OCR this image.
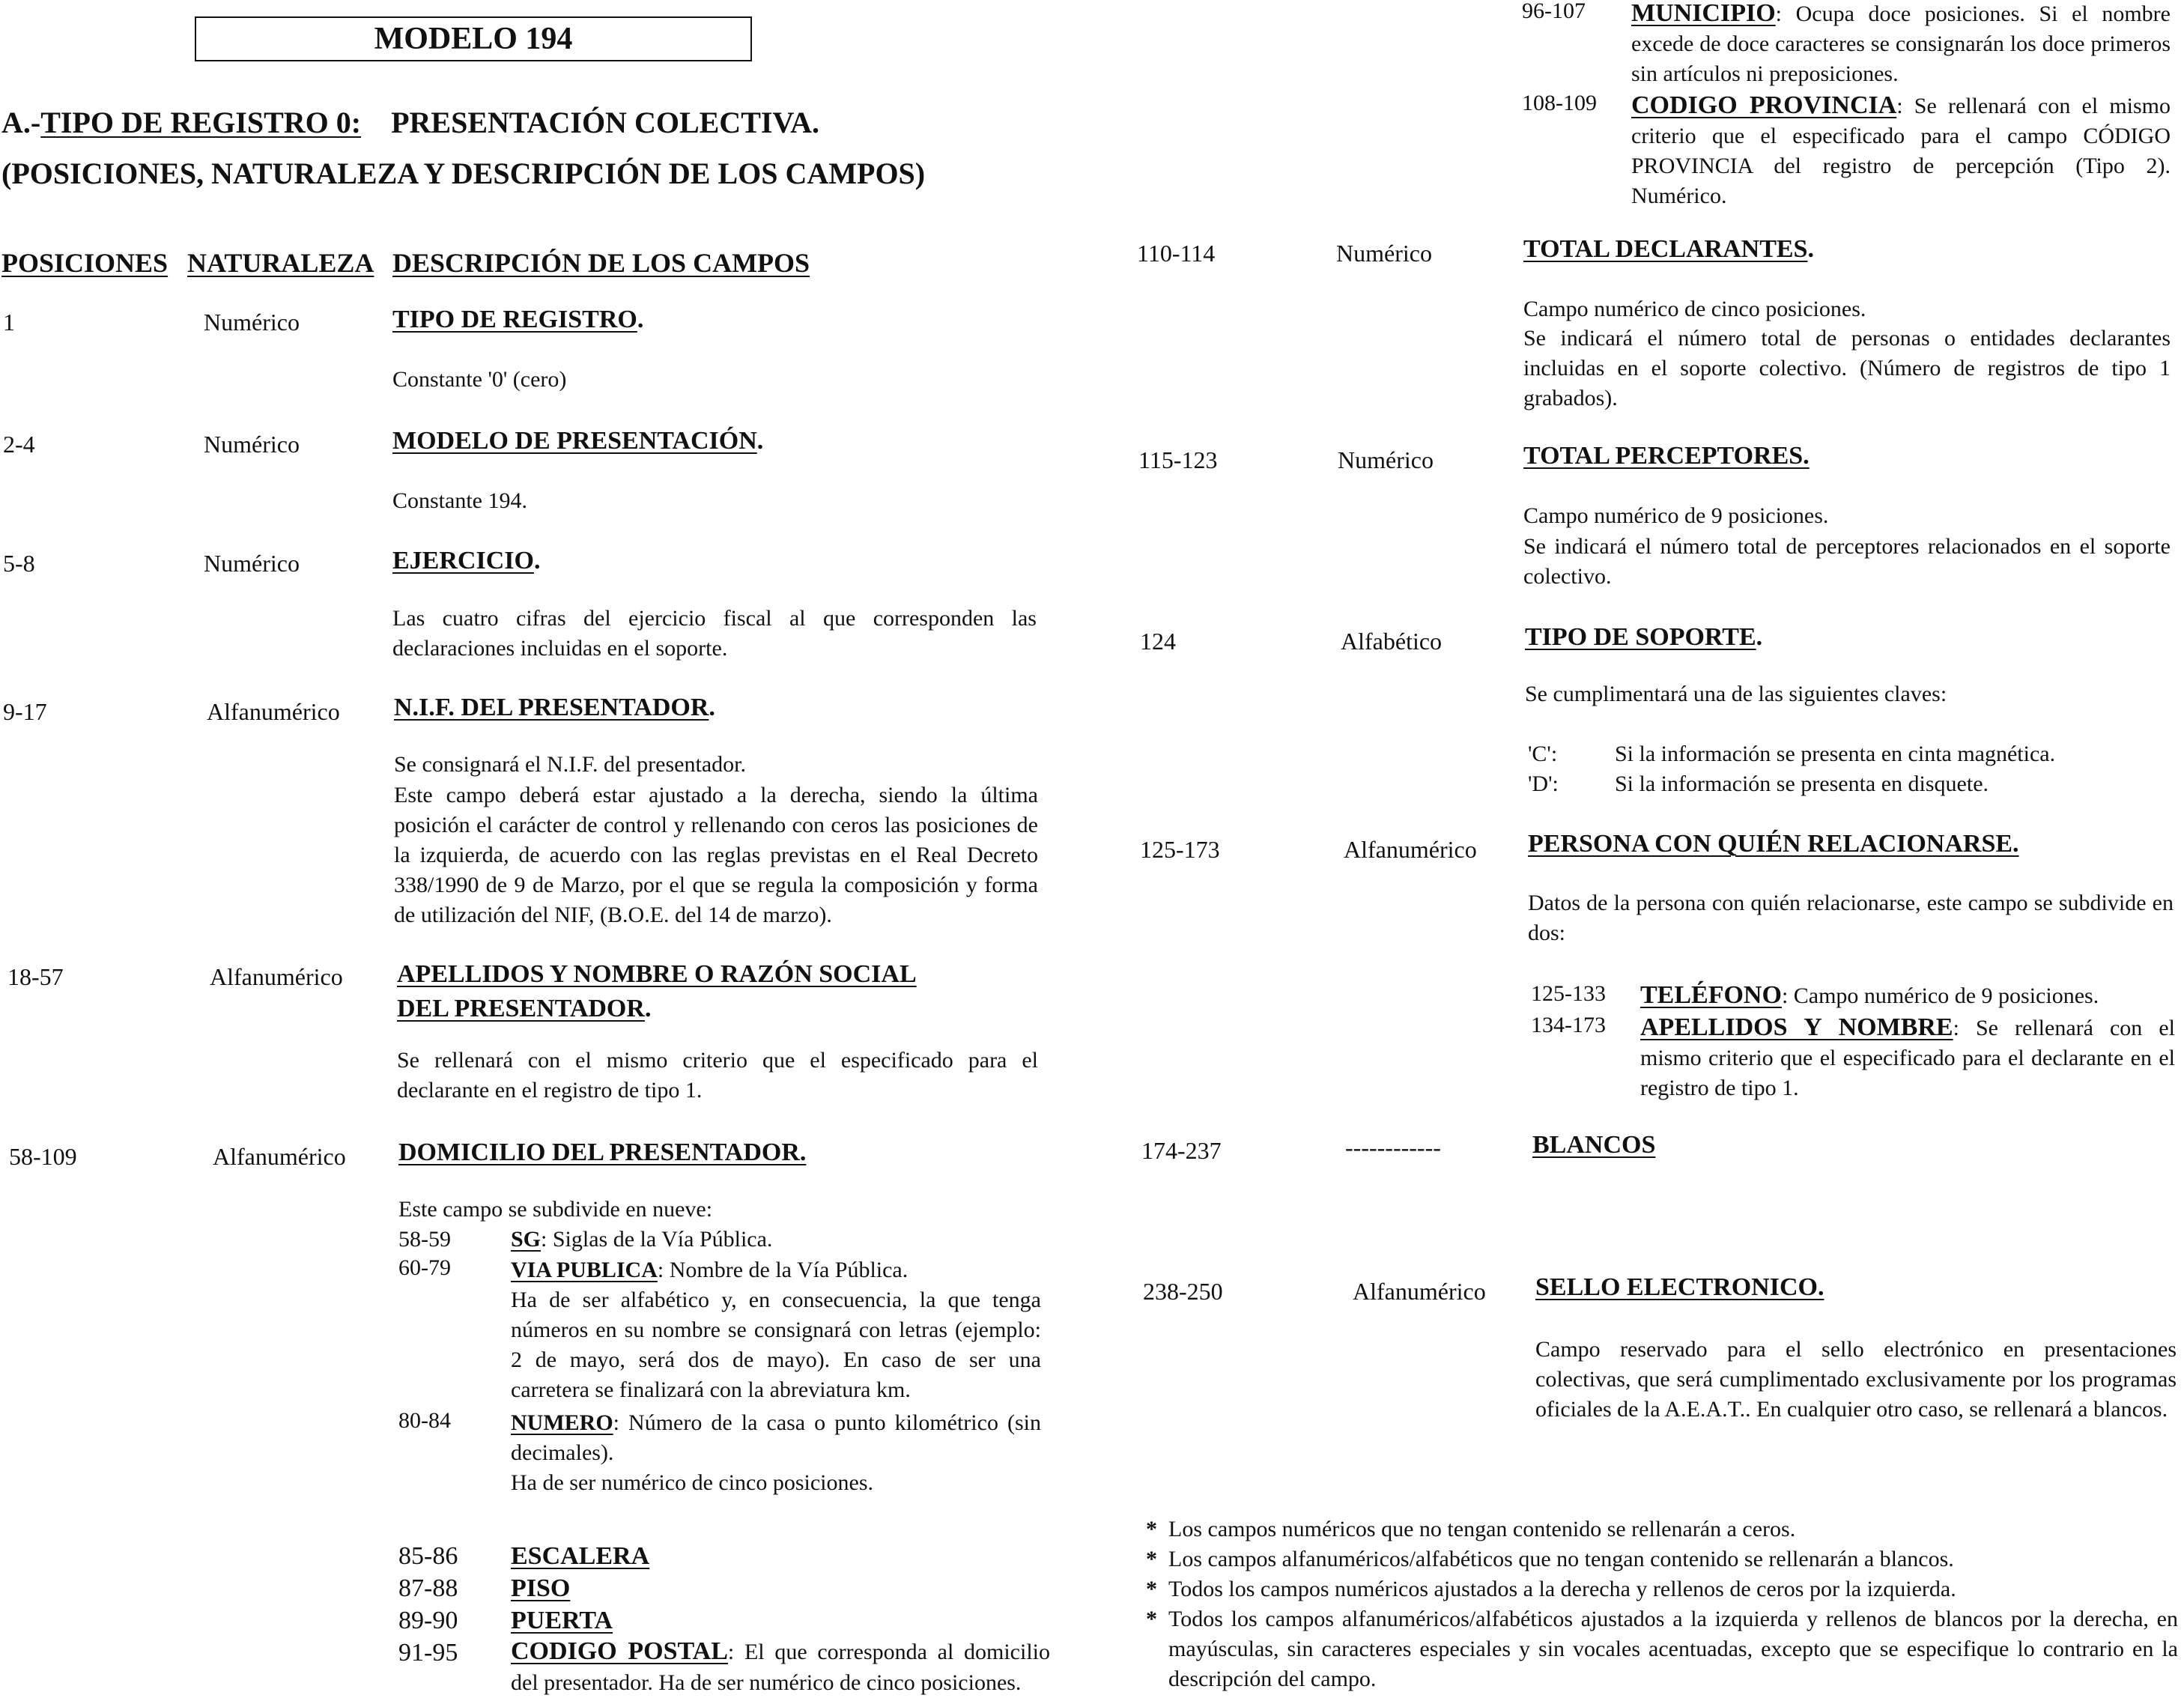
MODELO 194
A.-TIPO DE REGISTRO 0: PRESENTACIÓN COLECTIVA.
(POSICIONES, NATURALEZA Y DESCRIPCIÓN DE LOS CAMPOS)
POSICIONES NATURALEZA DESCRIPCIÓN DE LOS CAMPOS
1	Numérico	TIPO DE REGISTRO.
Constante '0' (cero)
2-4	Numérico	MODELO DE PRESENTACIÓN.
Constante 194.
5-8	Numérico	EJERCICIO.
Las cuatro cifras del ejercicio fiscal al que corresponden las declaraciones incluidas en el soporte.
9-17	Alfanumérico N.I.F. DEL PRESENTADOR.
Se consignará el N.I.F. del presentador.
Este campo deberá estar ajustado a la derecha, siendo la última posición el carácter de control y rellenando con ceros las posiciones de la izquierda, de acuerdo con las reglas previstas en el Real Decreto 338/1990 de 9 de Marzo, por el que se regula la composición y forma de utilización del NIF, (B.O.E. del 14 de marzo).
18-57	Alfanumérico APELLIDOS Y NOMBRE O RAZÓN SOCIAL
DEL PRESENTADOR.
Se rellenará con el mismo criterio que el especificado para el declarante en el registro de tipo 1.
58-109	Alfanumérico DOMICILIO DEL PRESENTADOR.
Este campo se subdivide en nueve:
58-59	SG: Siglas de la Vía Pública.
60-79	VIA PUBLICA: Nombre de la Vía Pública.
Ha de ser alfabético y, en consecuencia, la que tenga números en su nombre se consignará con letras (ejemplo: 2 de mayo, será dos de mayo). En caso de ser una carretera se finalizará con la abreviatura km.
80-84	NUMERO: Número de la casa o punto kilométrico (sin decimales).
Ha de ser numérico de cinco posiciones.
85-86	ESCALERA
87-88	PISO
89-90	PUERTA
91-95	CODIGO POSTAL: El que corresponda al domicilio del presentador. Ha de ser numérico de cinco posiciones.
96-107	MUNICIPIO: Ocupa doce posiciones. Si el nombre excede de doce caracteres se consignarán los doce primeros sin artículos ni preposiciones.
108-109	CODIGO PROVINCIA: Se rellenará con el mismo criterio que el especificado para el campo CÓDIGO PROVINCIA del registro de percepción (Tipo 2). Numérico.
110-114	Numérico	TOTAL DECLARANTES.
Campo numérico de cinco posiciones.
Se indicará el número total de personas o entidades declarantes incluidas en el soporte colectivo. (Número de registros de tipo 1 grabados).
115-123	Numérico	TOTAL PERCEPTORES.
Campo numérico de 9 posiciones.
Se indicará el número total de perceptores relacionados en el soporte colectivo.
124	Alfabético	TIPO DE SOPORTE.
Se cumplimentará una de las siguientes claves:
'C':	Si la información se presenta en cinta magnética.
'D':	Si la información se presenta en disquete.
125-173	Alfanumérico PERSONA CON QUIÉN RELACIONARSE.
Datos de la persona con quién relacionarse, este campo se subdivide en dos:
125-133	TELÉFONO: Campo numérico de 9 posiciones.
134-173	APELLIDOS Y NOMBRE: Se rellenará con el mismo criterio que el especificado para el declarante en el registro de tipo 1.
174-237	------------	BLANCOS
238-250	Alfanumérico SELLO ELECTRONICO.
Campo reservado para el sello electrónico en presentaciones colectivas, que será cumplimentado exclusivamente por los programas oficiales de la A.E.A.T.. En cualquier otro caso, se rellenará a blancos.
* Los campos numéricos que no tengan contenido se rellenarán a ceros.
* Los campos alfanuméricos/alfabéticos que no tengan contenido se rellenarán a blancos.
* Todos los campos numéricos ajustados a la derecha y rellenos de ceros por la izquierda.
* Todos los campos alfanuméricos/alfabéticos ajustados a la izquierda y rellenos de blancos por la derecha, en mayúsculas, sin caracteres especiales y sin vocales acentuadas, excepto que se especifique lo contrario en la descripción del campo.
